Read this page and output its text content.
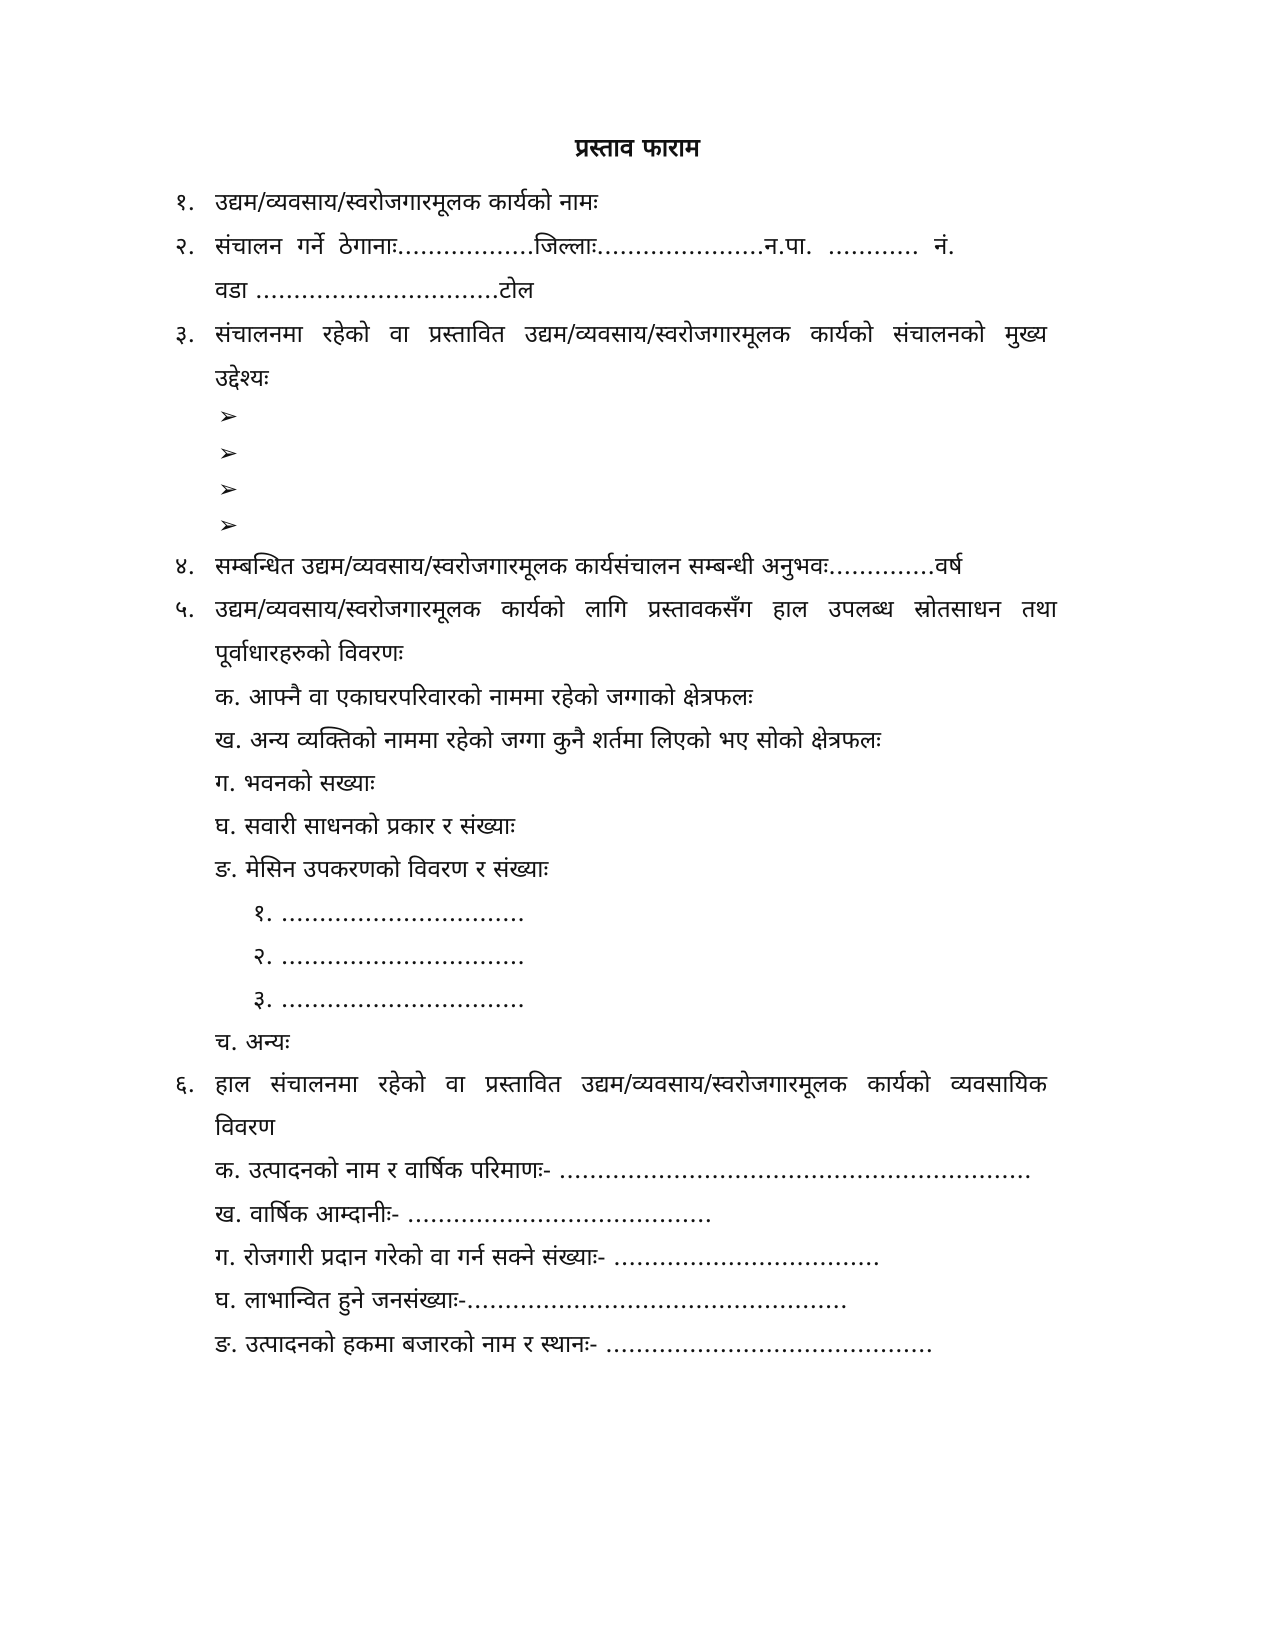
प्रस्ताव फाराम
१. उद्यम/व्यवसाय/स्वरोजगारमूलक कार्यको नामः
२. संचालन गर्ने ठेगानाः..................जिल्लाः......................न.पा. ............ नं.
वडा ................................टोल
३. संचालनमा रहेको वा प्रस्तावित उद्यम/व्यवसाय/स्वरोजगारमूलक कार्यको संचालनको मुख्य
उद्देश्यः
➢
➢
➢
➢
४. सम्बन्धित उद्यम/व्यवसाय/स्वरोजगारमूलक कार्यसंचालन सम्बन्धी अनुभवः..............वर्ष
५. उद्यम/व्यवसाय/स्वरोजगारमूलक कार्यको लागि प्रस्तावकसँग हाल उपलब्ध स्रोतसाधन तथा
पूर्वाधारहरुको विवरणः
क. आफ्नै वा एकाघरपरिवारको नाममा रहेको जग्गाको क्षेत्रफलः
ख. अन्य व्यक्तिको नाममा रहेको जग्गा कुनै शर्तमा लिएको भए सोको क्षेत्रफलः
ग. भवनको सख्याः
घ. सवारी साधनको प्रकार र संख्याः
ङ. मेसिन उपकरणको विवरण र संख्याः
१. ................................
२. ................................
३. ................................
च. अन्यः
६. हाल संचालनमा रहेको वा प्रस्तावित उद्यम/व्यवसाय/स्वरोजगारमूलक कार्यको व्यवसायिक
विवरण
क. उत्पादनको नाम र वार्षिक परिमाणः- ..............................................................
ख. वार्षिक आम्दानीः- ........................................
ग. रोजगारी प्रदान गरेको वा गर्न सक्ने संख्याः- ...................................
घ. लाभान्वित हुने जनसंख्याः-..................................................
ङ. उत्पादनको हकमा बजारको नाम र स्थानः- ...........................................
